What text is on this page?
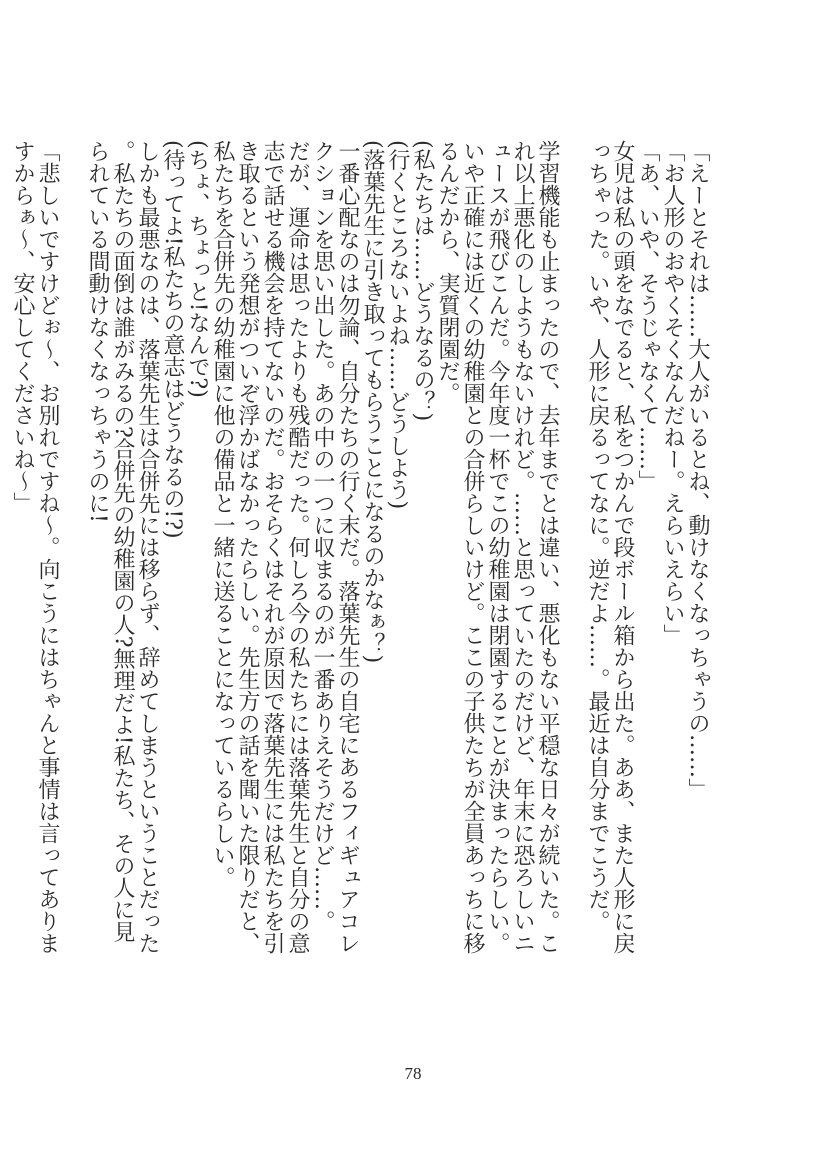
「えーとそれは……大人がいるとね、動けなくなっちゃうの……」

「お人形のおやくそくなんだねー。えらいえらい」

「あ、いや、そうじゃなくて……」

女児は私の頭をなでると、私をつかんで段ボール箱から出た。ああ、また人形に戻っちゃった。いや、人形に戻るってなに。逆だよ……。最近は自分までこうだ。

学習機能も止まったので、去年までとは違い、悪化もない平穏な日々が続いた。これ以上悪化のしようもないけれど。……と思っていたのだけど、年末に恐ろしいニュースが飛びこんだ。今年度一杯でこの幼稚園は閉園することが決まったらしい。いや正確には近くの幼稚園との合併らしいけど。ここの子供たちが全員あっちに移るんだから、実質閉園だ。

(私たちは……どうなるの？)

(行くところないよね……どうしよう)

(落葉先生に引き取ってもらうことになるのかなぁ？)

一番心配なのは勿論、自分たちの行く末だ。落葉先生の自宅にあるフィギュアコレクションを思い出した。あの中の一つに収まるのが一番ありえそうだけど……。

だが、運命は思ったよりも残酷だった。何しろ今の私たちには落葉先生と自分の意志で話せる機会を持てないのだ。おそらくはそれが原因で落葉先生には私たちを引き取るという発想がついぞ浮かばなかったらしい。先生方の話を聞いた限りだと、私たちを合併先の幼稚園に他の備品と一緒に送ることになっているらしい。

(ちょ、ちょっと!なんで?)

(待ってよ!私たちの意志はどうなるの!?)

しかも最悪なのは、落葉先生は合併先には移らず、辞めてしまうということだった。私たちの面倒は誰がみるの?合併先の幼稚園の人?無理だよ!私たち、その人に見られている間動けなくなっちゃうのに!

「悲しいですけどぉ～、お別れですね～。向こうにはちゃんと事情は言ってありますからぁ～、安心してくださいね～」

78
